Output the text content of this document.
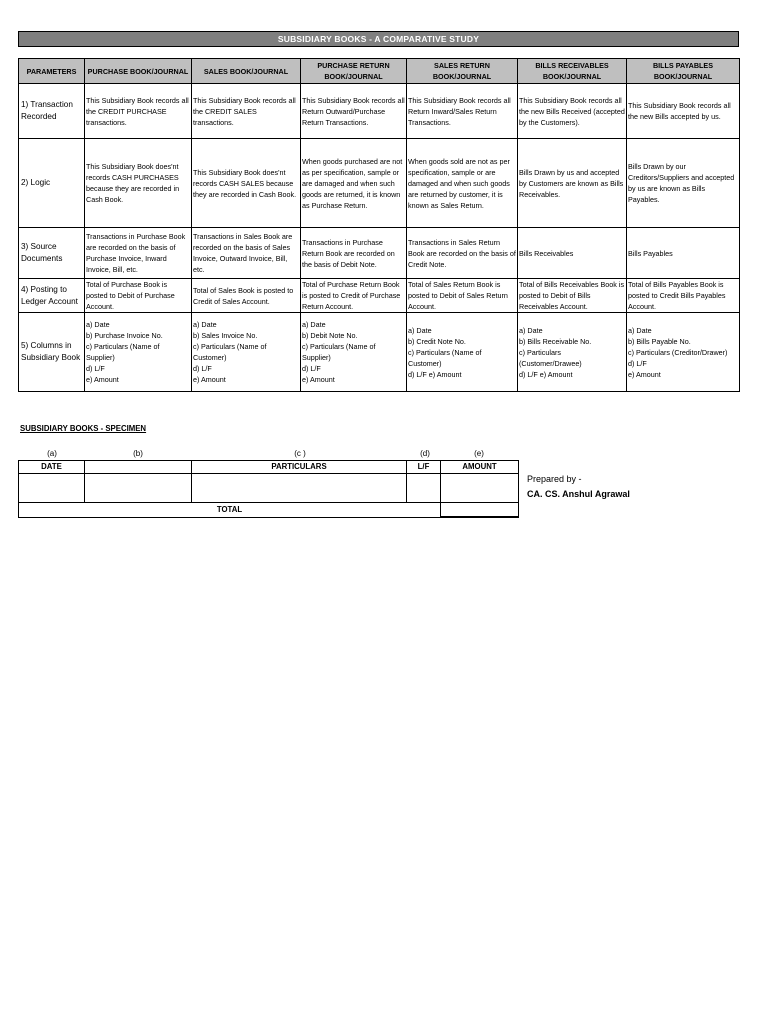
SUBSIDIARY BOOKS - A COMPARATIVE STUDY
PARAMETERS	PURCHASE BOOK/JOURNAL	SALES BOOK/JOURNAL	PURCHASE RETURN BOOK/JOURNAL	SALES RETURN BOOK/JOURNAL	BILLS RECEIVABLES BOOK/JOURNAL	BILLS PAYABLES BOOK/JOURNAL
1) Transaction Recorded	This Subsidiary Book records all the CREDIT PURCHASE transactions.	This Subsidiary Book records all the CREDIT SALES transactions.	This Subsidiary Book records all Return Outward/Purchase Return Transactions.	This Subsidiary Book records all Return Inward/Sales Return Transactions.	This Subsidiary Book records all the new Bills Received (accepted by the Customers).	This Subsidiary Book records all the new Bills accepted by us.
2) Logic	This Subsidiary Book does'nt records CASH PURCHASES because they are recorded in Cash Book.	This Subsidiary Book does'nt records CASH SALES because they are recorded in Cash Book.	When goods purchased are not as per specification, sample or are damaged and when such goods are returned, it is known as Purchase Return.	When goods sold are not as per specification, sample or are damaged and when such goods are returned by customer, it is known as Sales Return.	Bills Drawn by us and accepted by Customers are known as Bills Receivables.	Bills Drawn by our Creditors/Suppliers and accepted by us are known as Bills Payables.
3) Source Documents	Transactions in Purchase Book are recorded on the basis of Purchase Invoice, Inward Invoice, Bill, etc.	Transactions in Sales Book are recorded on the basis of Sales Invoice, Outward Invoice, Bill, etc.	Transactions in Purchase Return Book are recorded on the basis of Debit Note.	Transactions in Sales Return Book are recorded on the basis of Credit Note.	Bills Receivables	Bills Payables
4) Posting to Ledger Account	Total of Purchase Book is posted to Debit of Purchase Account.	Total of Sales Book is posted to Credit of Sales Account.	Total of Purchase Return Book is posted to Credit of Purchase Return Account.	Total of Sales Return Book is posted to Debit of Sales Return Account.	Total of Bills Receivables Book is posted to Debit of Bills Receivables Account.	Total of Bills Payables Book is posted to Credit Bills Payables Account.
5) Columns in Subsidiary Book	a) Date
b) Purchase Invoice No.
c) Particulars (Name of Supplier)
d) L/F
e) Amount	a) Date
b) Sales Invoice No.
c) Particulars (Name of Customer)
d) L/F
e) Amount	a) Date
b) Debit Note No.
c) Particulars (Name of Supplier)
d) L/F
e) Amount	a) Date
b) Credit Note No.
c) Particulars (Name of Customer)
d) L/F e) Amount	a) Date
b) Bills Receivable No.
c) Particulars (Customer/Drawee)
d) L/F e) Amount	a) Date
b) Bills Payable No.
c) Particulars (Creditor/Drawer)
d) L/F
e) Amount
SUBSIDIARY BOOKS - SPECIMEN
(a)	(b)	(c )	(d)	(e)
DATE		PARTICULARS	L/F	AMOUNT

TOTAL				
Prepared by -
CA. CS. Anshul Agrawal
